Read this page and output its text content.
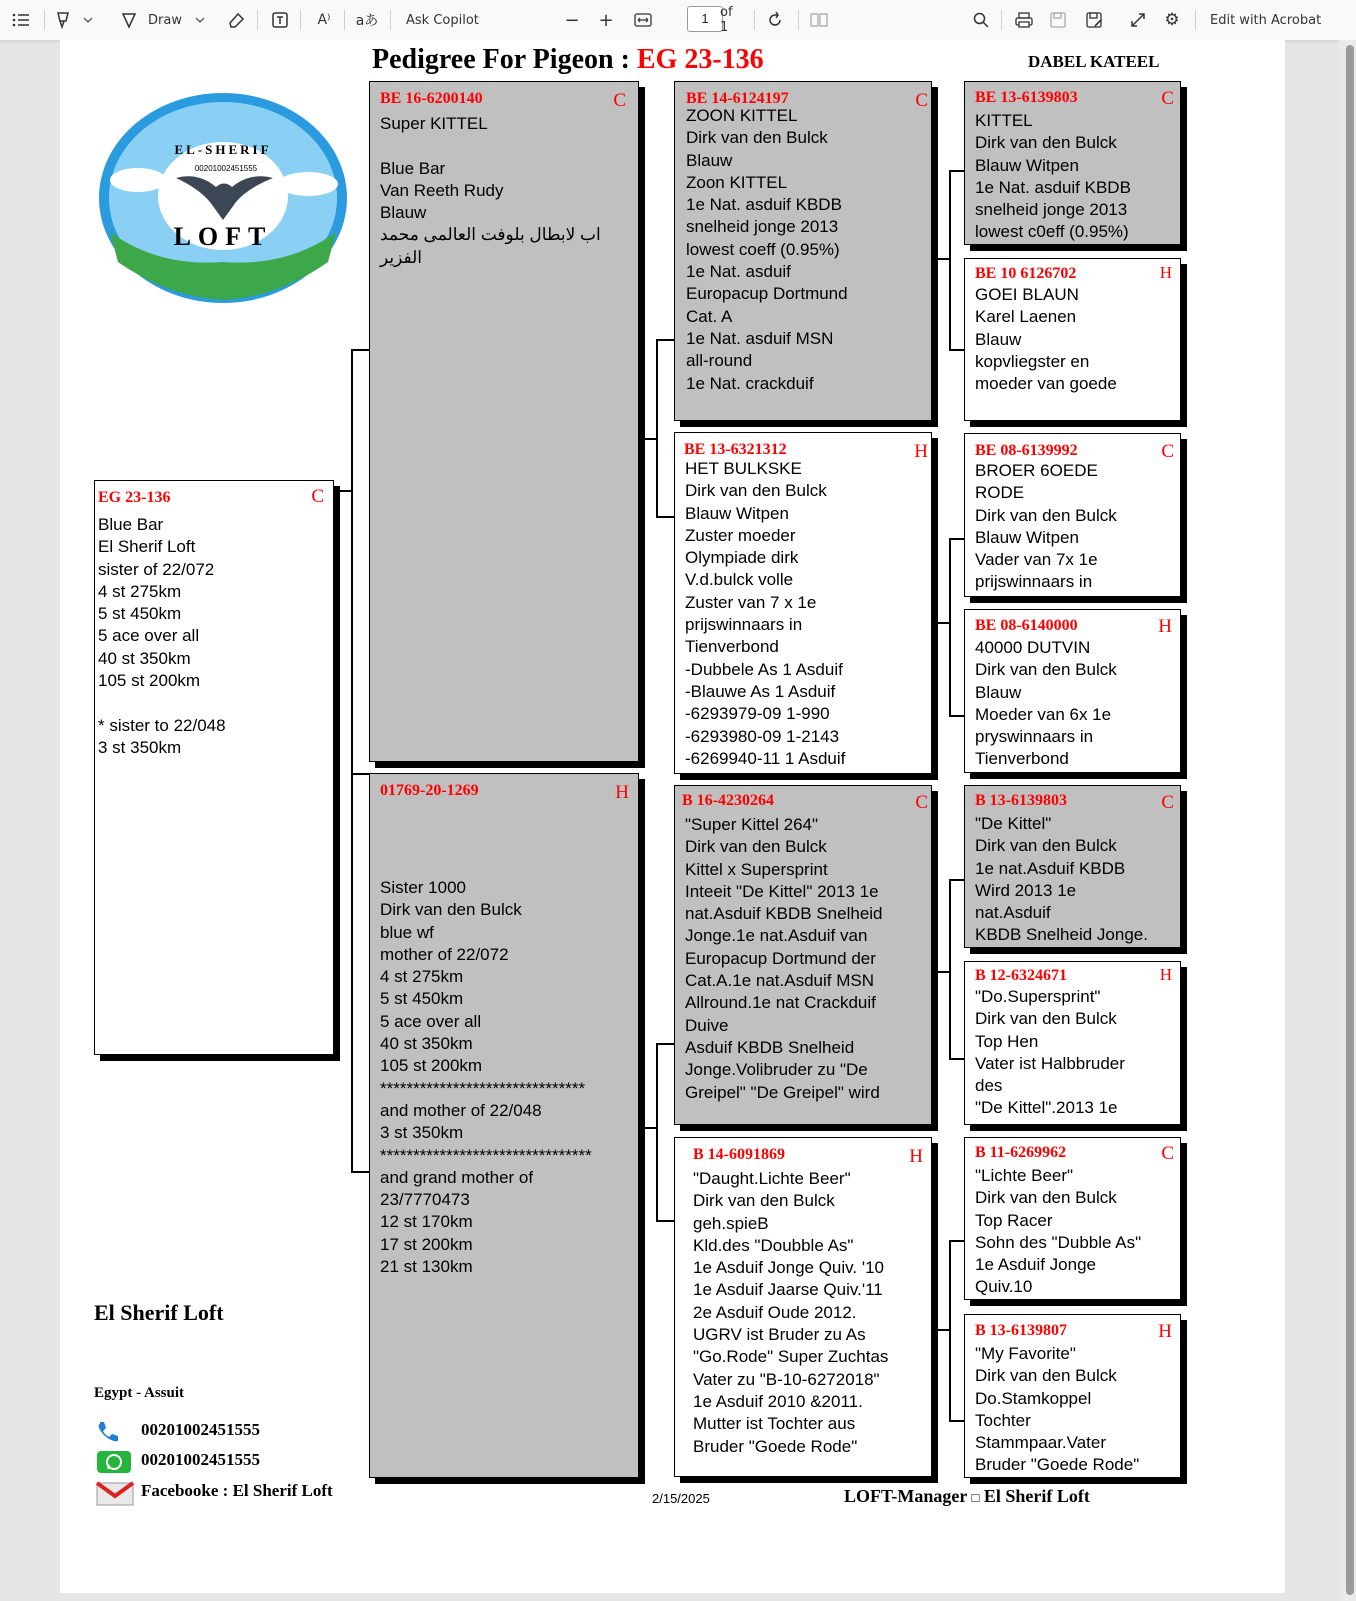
Draw	A⁾	aあ Ask Copilot	− +	1 of 1	⚙	Edit with Acrobat
Pedigree For Pigeon : EG 23-136	DABEL KATEEL
EL-SHERIF
00201002451555
LOFT
EG 23-136	C
Blue Bar
El Sherif Loft
sister of 22/072
4 st 275km
5 st 450km
5 ace over all
40 st 350km
105 st 200km

* sister to 22/048
3 st 350km
BE 16-6200140	C
Super KITTEL

Blue Bar
Van Reeth Rudy
Blauw
اب لابطال بلوفت العالمى محمد الفزير
01769-20-1269	H
Sister 1000
Dirk van den Bulck
blue wf
mother of 22/072
4 st 275km
5 st 450km
5 ace over all
40 st 350km
105 st 200km
*******************************
and mother of 22/048
3 st 350km
********************************
and grand mother of
23/7770473
12 st 170km
17 st 200km
21 st 130km
BE 14-6124197	C
ZOON KITTEL
Dirk van den Bulck
Blauw
Zoon KITTEL
1e Nat. asduif KBDB
snelheid jonge 2013
lowest coeff (0.95%)
1e Nat. asduif
Europacup Dortmund
Cat. A
1e Nat. asduif MSN
all-round
1e Nat. crackduif
BE 13-6321312	H
HET BULKSKE
Dirk van den Bulck
Blauw Witpen
Zuster moeder
Olympiade dirk
V.d.bulck volle
Zuster van 7 x 1e
prijswinnaars in
Tienverbond
-Dubbele As 1 Asduif
-Blauwe As 1 Asduif
-6293979-09 1-990
-6293980-09 1-2143
-6269940-11 1 Asduif
B 16-4230264	C
"Super Kittel 264"
Dirk van den Bulck
Kittel x Supersprint
Inteeit "De Kittel" 2013 1e
nat.Asduif KBDB Snelheid
Jonge.1e nat.Asduif van
Europacup Dortmund der
Cat.A.1e nat.Asduif MSN
Allround.1e nat Crackduif
Duive
Asduif KBDB Snelheid
Jonge.Volibruder zu "De
Greipel" "De Greipel" wird
B 14-6091869	H
"Daught.Lichte Beer"
Dirk van den Bulck
geh.spieB
Kld.des "Doubble As"
1e Asduif Jonge Quiv. '10
1e Asduif Jaarse Quiv.'11
2e Asduif Oude 2012.
UGRV ist Bruder zu As
"Go.Rode" Super Zuchtas
Vater zu "B-10-6272018"
1e Asduif 2010 &2011.
Mutter ist Tochter aus
Bruder "Goede Rode"
BE 13-6139803	C
KITTEL
Dirk van den Bulck
Blauw Witpen
1e Nat. asduif KBDB
snelheid jonge 2013
lowest c0eff (0.95%)
BE 10 6126702	H
GOEI BLAUN
Karel Laenen
Blauw
kopvliegster en
moeder van goede
BE 08-6139992	C
BROER 6OEDE
RODE
Dirk van den Bulck
Blauw Witpen
Vader van 7x 1e
prijswinnaars in
BE 08-6140000	H
40000 DUTVIN
Dirk van den Bulck
Blauw
Moeder van 6x 1e
pryswinnaars in
Tienverbond
B 13-6139803	C
"De Kittel"
Dirk van den Bulck
1e nat.Asduif KBDB
Wird 2013 1e
nat.Asduif
KBDB Snelheid Jonge.
B 12-6324671	H
"Do.Supersprint"
Dirk van den Bulck
Top Hen
Vater ist Halbbruder
des
"De Kittel".2013 1e
B 11-6269962	C
"Lichte Beer"
Dirk van den Bulck
Top Racer
Sohn des "Dubble As"
1e Asduif Jonge
Quiv.10
B 13-6139807	H
"My Favorite"
Dirk van den Bulck
Do.Stamkoppel
Tochter
Stammpaar.Vater
Bruder "Goede Rode"
El Sherif Loft
Egypt - Assuit
00201002451555
00201002451555
Facebooke : El Sherif Loft	2/15/2025	LOFT-Manager □ El Sherif Loft
